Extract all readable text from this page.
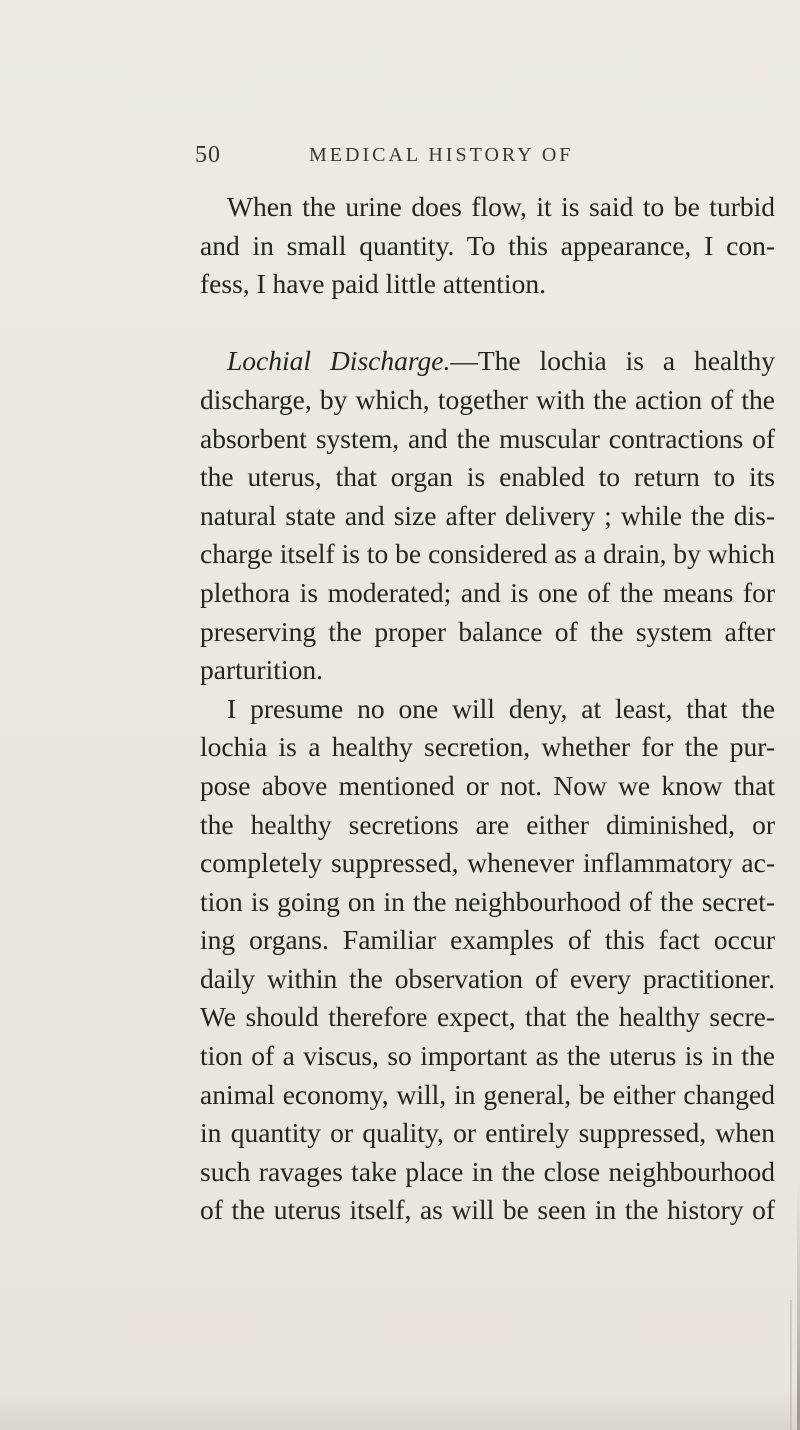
50	MEDICAL HISTORY OF
When the urine does flow, it is said to be turbid
and in small quantity. To this appearance, I con-
fess, I have paid little attention.
Lochial Discharge.—The lochia is a healthy
discharge, by which, together with the action of the
absorbent system, and the muscular contractions of
the uterus, that organ is enabled to return to its
natural state and size after delivery ; while the dis-
charge itself is to be considered as a drain, by which
plethora is moderated; and is one of the means for
preserving the proper balance of the system after
parturition.
I presume no one will deny, at least, that the
lochia is a healthy secretion, whether for the pur-
pose above mentioned or not. Now we know that
the healthy secretions are either diminished, or
completely suppressed, whenever inflammatory ac-
tion is going on in the neighbourhood of the secret-
ing organs. Familiar examples of this fact occur
daily within the observation of every practitioner.
We should therefore expect, that the healthy secre-
tion of a viscus, so important as the uterus is in the
animal economy, will, in general, be either changed
in quantity or quality, or entirely suppressed, when
such ravages take place in the close neighbourhood
of the uterus itself, as will be seen in the history of
